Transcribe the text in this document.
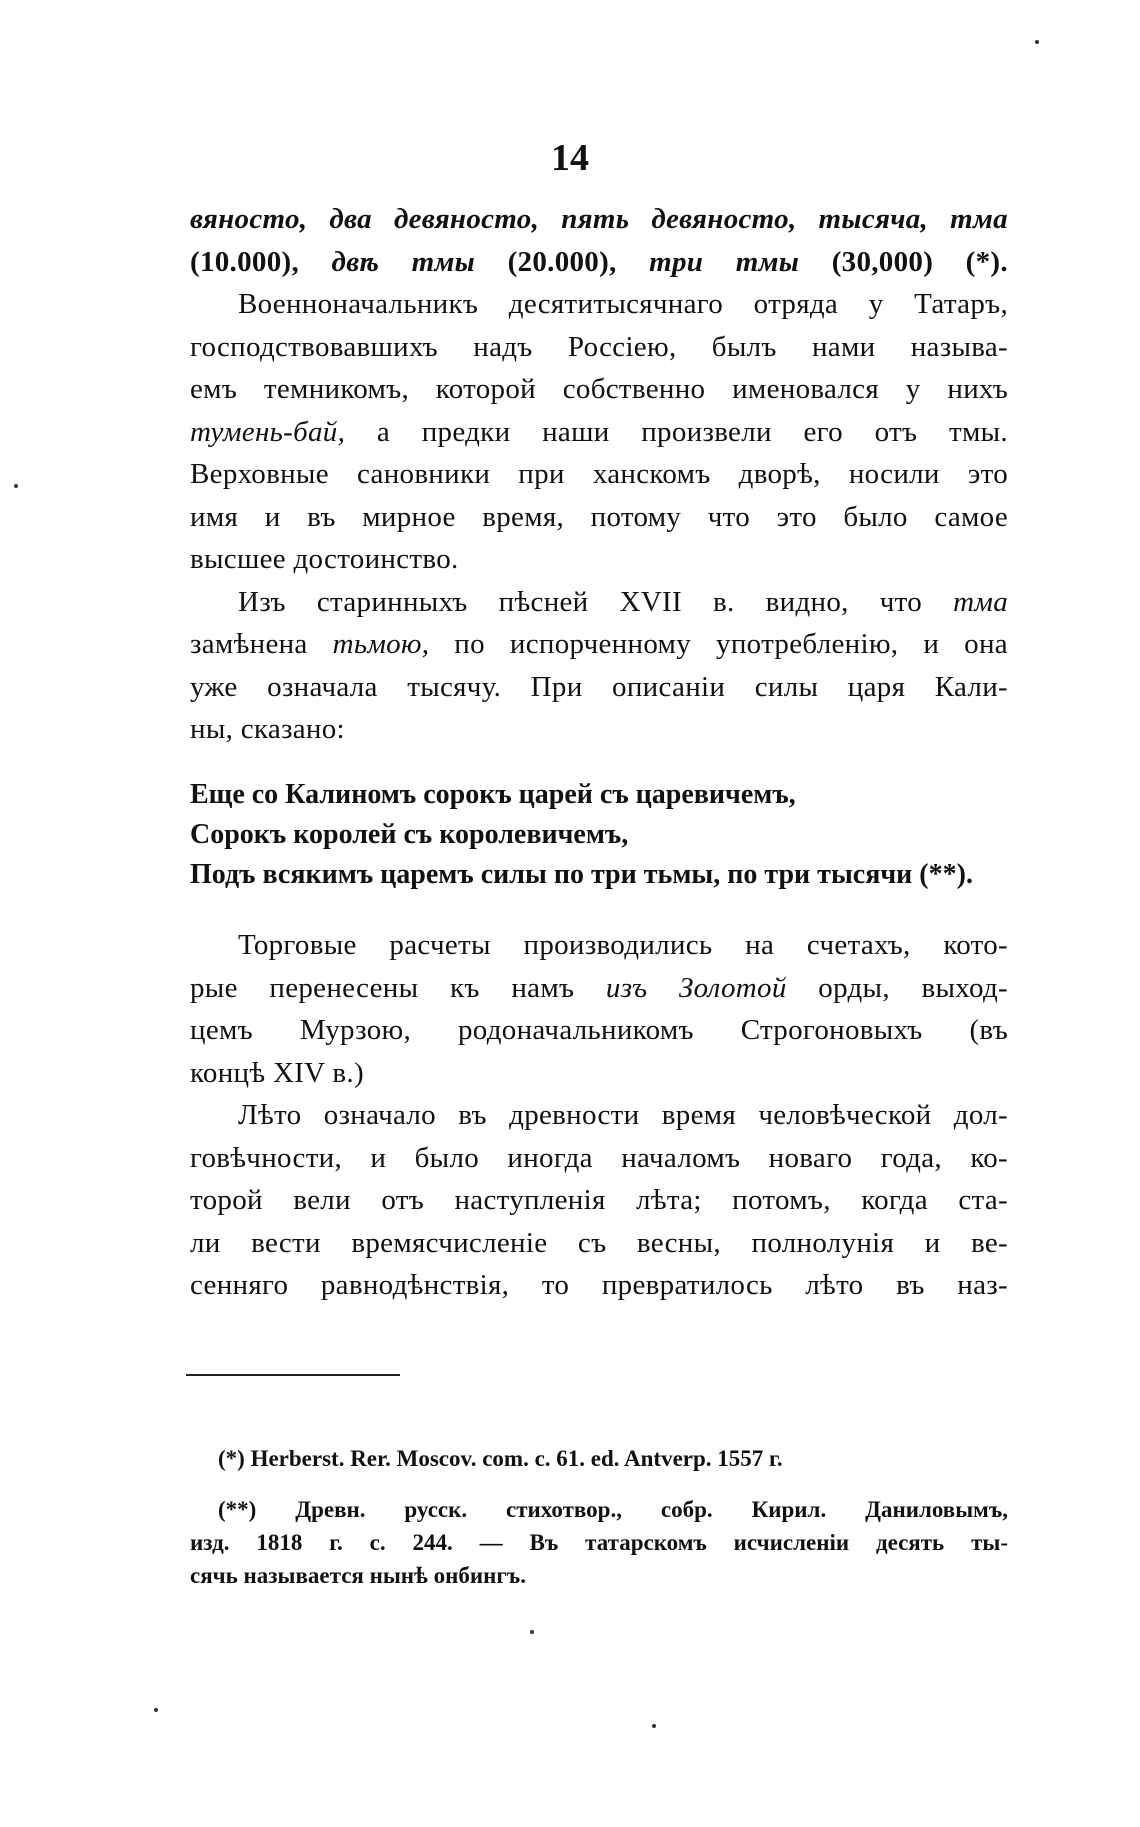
14
вяносто, два девяносто, пять девяносто, тысяча, тма
(10.000), двѣ тмы (20.000), три тмы (30,000) (*).
Военноначальникъ десятитысячнаго отряда у Татаръ,
господствовавшихъ надъ Россіею, былъ нами называ-
емъ темникомъ, которой собственно именовался у нихъ
тумень-бай, a предки наши произвели его отъ тмы.
Верховные сановники при ханскомъ дворѣ, носили это
имя и въ мирное время, потому что это было самое
высшее достоинство.
Изъ старинныхъ пѣсней XVII в. видно, что тма
замѣнена тьмою, по испорченному употребленію, и она
уже означала тысячу. При описаніи силы царя Кали-
ны, сказано:
Еще со Калиномъ сорокъ царей съ царевичемъ,
Сорокъ королей съ королевичемъ,
Подъ всякимъ царемъ силы по три тьмы, по три тысячи (**).
Торговые расчеты производились на счетахъ, кото-
рые перенесены къ намъ изъ Золотой орды, выход-
цемъ Мурзою, родоначальникомъ Строгоновыхъ (въ
концѣ XIV в.)
Лѣто означало въ древности время человѣческой дол-
говѣчности, и было иногда началомъ новаго года, ко-
торой вели отъ наступленія лѣта; потомъ, когда ста-
ли вести времясчисленіе съ весны, полнолунія и ве-
сенняго равнодѣнствія, то превратилось лѣто въ наз-
(*) Herberst. Rer. Moscov. com. c. 61. ed. Antverp. 1557 г.
(**) Древн. русск. стихотвор., собр. Кирил. Даниловымъ,
изд. 1818 г. с. 244. — Въ татарскомъ исчисленіи десять ты-
сячь называется нынѣ онбингъ.
